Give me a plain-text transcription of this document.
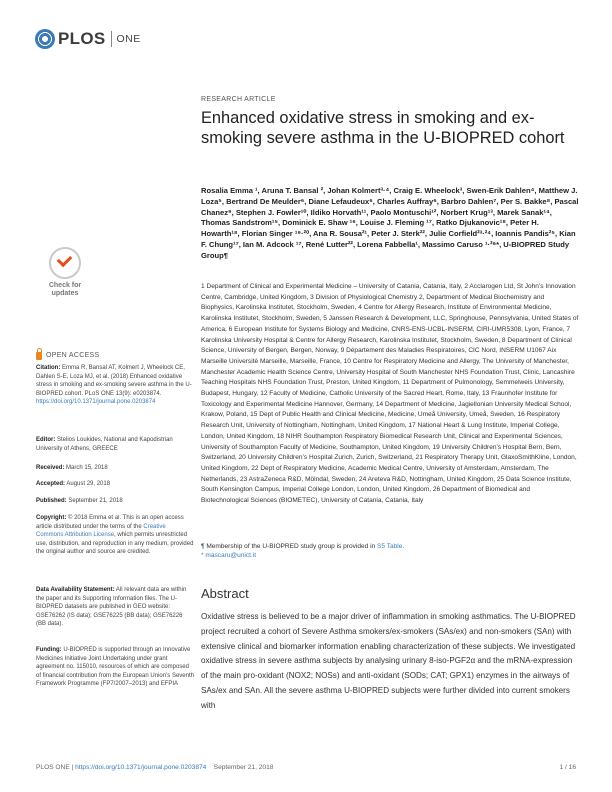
PLOS ONE
RESEARCH ARTICLE
Enhanced oxidative stress in smoking and ex-smoking severe asthma in the U-BIOPRED cohort
Rosalia Emma ¹, Aruna T. Bansal ², Johan Kolmert³·⁴, Craig E. Wheelock³, Swen-Erik Dahlen⁴, Matthew J. Loza⁵, Bertrand De Meulder⁶, Diane Lefaudeux⁶, Charles Auffray⁶, Barbro Dahlen⁷, Per S. Bakke⁸, Pascal Chanez⁹, Stephen J. Fowler¹⁰, Ildiko Horvath¹¹, Paolo Montuschi¹², Norbert Krug¹³, Marek Sanak¹⁴, Thomas Sandstrom¹⁵, Dominick E. Shaw ¹⁶, Louise J. Fleming ¹⁷, Ratko Djukanovic¹⁸, Peter H. Howarth¹⁸, Florian Singer ¹⁹·²⁰, Ana R. Sousa²¹, Peter J. Sterk²², Julie Corfield²³·²⁴, Ioannis Pandis²⁵, Kian F. Chung¹⁷, Ian M. Adcock ¹⁷, René Lutter²², Lorena Fabbella¹, Massimo Caruso ¹·²⁶*, U-BIOPRED Study Group¶
Check for updates
1 Department of Clinical and Experimental Medicine – University of Catania, Catania, Italy, 2 Acclarogen Ltd, St John’s Innovation Centre, Cambridge, United Kingdom, 3 Division of Physiological Chemistry 2, Department of Medical Biochemistry and Biophysics, Karolinska Institutet, Stockholm, Sweden, 4 Centre for Allergy Research, Institute of Environmental Medicine, Karolinska Institutet, Stockholm, Sweden, 5 Janssen Research & Development, LLC, Springhouse, Pennsylvania, United States of America, 6 European Institute for Systems Biology and Medicine, CNRS-ENS-UCBL-INSERM, CIRI-UMR5308, Lyon, France, 7 Karolinska University Hospital & Centre for Allergy Research, Karolinska Institutet, Stockholm, Sweden, 8 Department of Clinical Science, University of Bergen, Bergen, Norway, 9 Département des Maladies Respiratoires, CIC Nord, INSERM U1067 Aix Marseille Université Marseille, Marseille, France, 10 Centre for Respiratory Medicine and Allergy, The University of Manchester, Manchester Academic Health Science Centre, University Hospital of South Manchester NHS Foundation Trust, Clinic, Lancashire Teaching Hospitals NHS Foundation Trust, Preston, United Kingdom, 11 Department of Pulmonology, Semmelweis University, Budapest, Hungary, 12 Faculty of Medicine, Catholic University of the Sacred Heart, Rome, Italy, 13 Fraunhofer Institute for Toxicology and Experimental Medicine Hannover, Germany, 14 Department of Medicine, Jagiellonian University Medical School, Krakow, Poland, 15 Dept of Public Health and Clinical Medicine, Medicine, Umeå University, Umeå, Sweden, 16 Respiratory Research Unit, University of Nottingham, Nottingham, United Kingdom, 17 National Heart & Lung Institute, Imperial College, London, United Kingdom, 18 NIHR Southampton Respiratory Biomedical Research Unit, Clinical and Experimental Sciences, University of Southampton Faculty of Medicine, Southampton, United Kingdom, 19 University Children’s Hospital Bern, Bern, Switzerland, 20 University Children’s Hospital Zurich, Zurich, Switzerland, 21 Respiratory Therapy Unit, GlaxoSmithKline, London, United Kingdom, 22 Dept of Respiratory Medicine, Academic Medical Centre, University of Amsterdam, Amsterdam, The Netherlands, 23 AstraZeneca R&D, Mölndal, Sweden, 24 Areteva R&D, Nottingham, United Kingdom, 25 Data Science Institute, South Kensington Campus, Imperial College London, London, United Kingdom, 26 Department of Biomedical and Biotechnological Sciences (BIOMETEC), University of Catania, Catania, Italy
¶ Membership of the U-BIOPRED study group is provided in S5 Table.
* mascaru@unict.it
OPEN ACCESS
Citation: Emma R, Bansal AT, Kolmert J, Wheelock CE, Dahlen S-E, Loza MJ, et al. (2018) Enhanced oxidative stress in smoking and ex-smoking severe asthma in the U-BIOPRED cohort. PLoS ONE 13(9): e0203874. https://doi.org/10.1371/journal.pone.0203874
Editor: Stelios Loukides, National and Kapodistrian University of Athens, GREECE
Received: March 15, 2018
Accepted: August 29, 2018
Published: September 21, 2018
Copyright: © 2018 Emma et al. This is an open access article distributed under the terms of the Creative Commons Attribution License, which permits unrestricted use, distribution, and reproduction in any medium, provided the original author and source are credited.
Data Availability Statement: All relevant data are within the paper and its Supporting Information files. The U-BIOPRED datasets are published in GEO website: GSE76262 (IS data); GSE76225 (BB data); GSE76226 (BB data).
Funding: U-BIOPRED is supported through an Innovative Medicines Initiative Joint Undertaking under grant agreement no. 115010, resources of which are composed of financial contribution from the European Union’s Seventh Framework Programme (FP7/2007–2013) and EFPIA
Abstract
Oxidative stress is believed to be a major driver of inflammation in smoking asthmatics. The U-BIOPRED project recruited a cohort of Severe Asthma smokers/ex-smokers (SAs/ex) and non-smokers (SAn) with extensive clinical and biomarker information enabling characterization of these subjects. We investigated oxidative stress in severe asthma subjects by analysing urinary 8-iso-PGF2α and the mRNA-expression of the main pro-oxidant (NOX2; NOSs) and anti-oxidant (SODs; CAT; GPX1) enzymes in the airways of SAs/ex and SAn. All the severe asthma U-BIOPRED subjects were further divided into current smokers with
PLOS ONE | https://doi.org/10.1371/journal.pone.0203874 September 21, 2018	1 / 16
